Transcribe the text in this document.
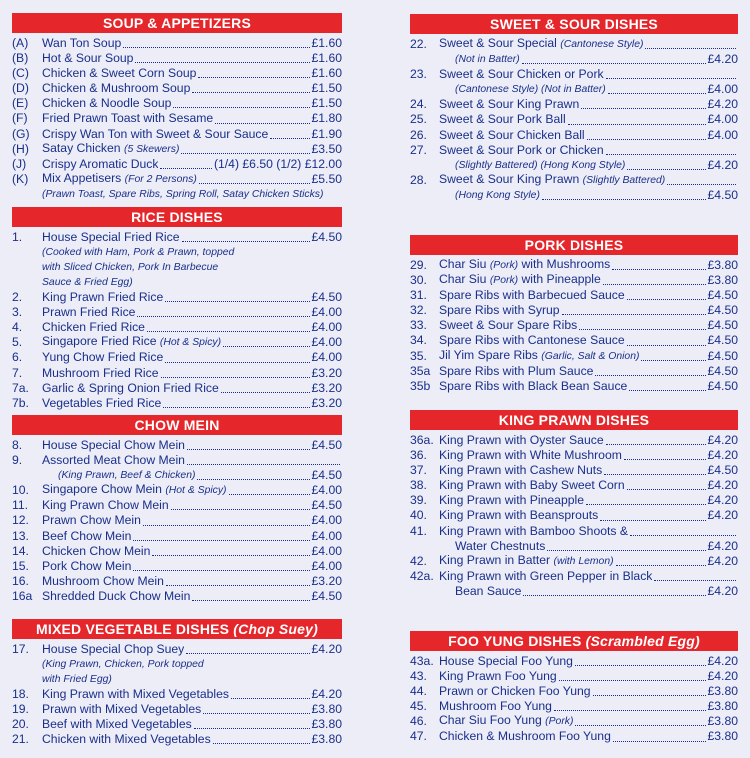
SOUP & APPETIZERS
(A)	Wan Ton Soup	£1.60
(B)	Hot & Sour Soup	£1.60
(C)	Chicken & Sweet Corn Soup	£1.60
(D)	Chicken & Mushroom Soup	£1.50
(E)	Chicken & Noodle Soup	£1.50
(F)	Fried Prawn Toast with Sesame	£1.80
(G)	Crispy Wan Ton with Sweet & Sour Sauce	£1.90
(H)	Satay Chicken (5 Skewers)	£3.50
(J)	Crispy Aromatic Duck	(1/4) £6.50 (1/2) £12.00
(K)	Mix Appetisers (For 2 Persons)	£5.50
(Prawn Toast, Spare Ribs, Spring Roll, Satay Chicken Sticks)
RICE DISHES
1.	House Special Fried Rice	£4.50
(Cooked with Ham, Pork & Prawn, topped
with Sliced Chicken, Pork In Barbecue
Sauce & Fried Egg)
2.	King Prawn Fried Rice	£4.50
3.	Prawn Fried Rice	£4.00
4.	Chicken Fried Rice	£4.00
5.	Singapore Fried Rice (Hot & Spicy)	£4.00
6.	Yung Chow Fried Rice	£4.00
7.	Mushroom Fried Rice	£3.20
7a.	Garlic & Spring Onion Fried Rice	£3.20
7b.	Vegetables Fried Rice	£3.20
CHOW MEIN
8.	House Special Chow Mein	£4.50
9.	Assorted Meat Chow Mein
(King Prawn, Beef & Chicken)	£4.50
10.	Singapore Chow Mein (Hot & Spicy)	£4.00
11.	King Prawn Chow Mein	£4.50
12.	Prawn Chow Mein	£4.00
13.	Beef Chow Mein	£4.00
14.	Chicken Chow Mein	£4.00
15.	Pork Chow Mein	£4.00
16.	Mushroom Chow Mein	£3.20
16a Shredded Duck Chow Mein	£4.50
MIXED VEGETABLE DISHES (Chop Suey)
17.	House Special Chop Suey	£4.20
(King Prawn, Chicken, Pork topped
with Fried Egg)
18.	King Prawn with Mixed Vegetables	£4.20
19.	Prawn with Mixed Vegetables	£3.80
20.	Beef with Mixed Vegetables	£3.80
21.	Chicken with Mixed Vegetables	£3.80
SWEET & SOUR DISHES
22. Sweet & Sour Special (Cantonese Style)
(Not in Batter)	£4.20
23. Sweet & Sour Chicken or Pork
(Cantonese Style) (Not in Batter)	£4.00
24. Sweet & Sour King Prawn	£4.20
25. Sweet & Sour Pork Ball	£4.00
26. Sweet & Sour Chicken Ball	£4.00
27. Sweet & Sour Pork or Chicken
(Slightly Battered) (Hong Kong Style)	£4.20
28. Sweet & Sour King Prawn (Slightly Battered)
(Hong Kong Style)	£4.50
PORK DISHES
29. Char Siu (Pork) with Mushrooms	£3.80
30. Char Siu (Pork) with Pineapple	£3.80
31. Spare Ribs with Barbecued Sauce	£4.50
32. Spare Ribs with Syrup	£4.50
33. Sweet & Sour Spare Ribs	£4.50
34. Spare Ribs with Cantonese Sauce	£4.50
35. Jil Yim Spare Ribs (Garlic, Salt & Onion)	£4.50
35a Spare Ribs with Plum Sauce	£4.50
35b Spare Ribs with Black Bean Sauce	£4.50
KING PRAWN DISHES
36a. King Prawn with Oyster Sauce	£4.20
36. King Prawn with White Mushroom	£4.20
37. King Prawn with Cashew Nuts	£4.50
38. King Prawn with Baby Sweet Corn	£4.20
39. King Prawn with Pineapple	£4.20
40. King Prawn with Beansprouts	£4.20
41. King Prawn with Bamboo Shoots &
Water Chestnuts	£4.20
42. King Prawn in Batter (with Lemon)	£4.20
42a. King Prawn with Green Pepper in Black
Bean Sauce	£4.20
FOO YUNG DISHES (Scrambled Egg)
43a. House Special Foo Yung	£4.20
43. King Prawn Foo Yung	£4.20
44. Prawn or Chicken Foo Yung	£3.80
45. Mushroom Foo Yung	£3.80
46. Char Siu Foo Yung (Pork)	£3.80
47. Chicken & Mushroom Foo Yung	£3.80
